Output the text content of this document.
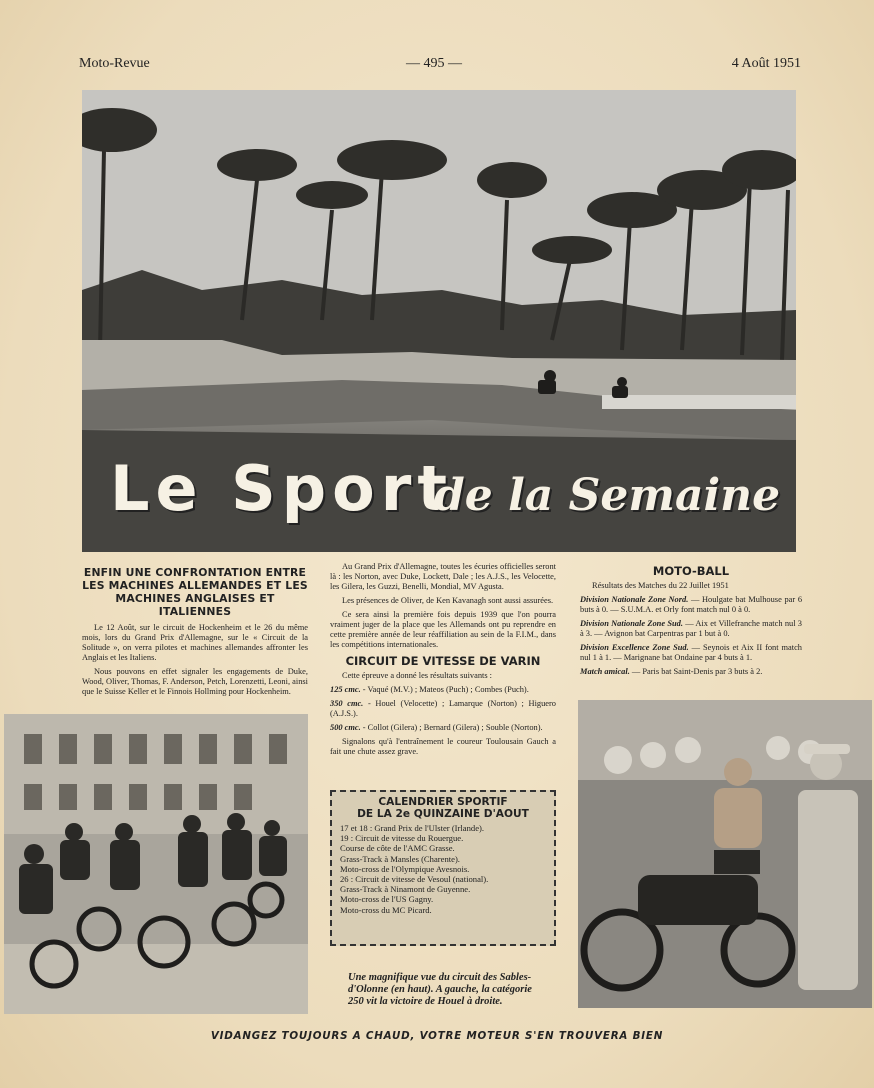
Moto-Revue	— 495 —	4 Août 1951
Le Sport
de la Semaine
ENFIN UNE CONFRONTATION ENTRE LES MACHINES ALLEMANDES ET LES MACHINES ANGLAISES ET ITALIENNES

Le 12 Août, sur le circuit de Hockenheim et le 26 du même mois, lors du Grand Prix d'Allemagne, sur le « Circuit de la Solitude », on verra pilotes et machines allemandes affronter les Anglais et les Italiens.

Nous pouvons en effet signaler les engagements de Duke, Wood, Oliver, Thomas, F. Anderson, Petch, Lorenzetti, Leoni, ainsi que le Suisse Keller et le Finnois Hollming pour Hockenheim.

Au Grand Prix d'Allemagne, toutes les écuries officielles seront là : les Norton, avec Duke, Lockett, Dale ; les A.J.S., les Velocette, les Gilera, les Guzzi, Benelli, Mondial, MV Agusta.

Les présences de Oliver, de Ken Kavanagh sont aussi assurées.

Ce sera ainsi la première fois depuis 1939 que l'on pourra vraiment juger de la place que les Allemands ont pu reprendre en cette première année de leur réaffiliation au sein de la F.I.M., dans les compétitions internationales.

CIRCUIT DE VITESSE DE VARIN

Cette épreuve a donné les résultats suivants :

125 cmc. - Vaqué (M.V.) ; Mateos (Puch) ; Combes (Puch).

350 cmc. - Houel (Velocette) ; Lamarque (Norton) ; Higuero (A.J.S.).

500 cmc. - Collot (Gilera) ; Bernard (Gilera) ; Souble (Norton).

Signalons qu'à l'entraînement le coureur Toulousain Gauch a fait une chute assez grave.

MOTO-BALL

Résultats des Matches du 22 Juillet 1951

Division Nationale Zone Nord. — Houlgate bat Mulhouse par 6 buts à 0. — S.U.M.A. et Orly font match nul 0 à 0.

Division Nationale Zone Sud. — Aix et Villefranche match nul 3 à 3. — Avignon bat Carpentras par 1 but à 0.

Division Excellence Zone Sud. — Seynois et Aix II font match nul 1 à 1. — Marignane bat Ondaine par 4 buts à 1.

Match amical. — Paris bat Saint-Denis par 3 buts à 2.

CALENDRIER SPORTIF
DE LA 2e QUINZAINE D'AOUT
17 et 18 : Grand Prix de l'Ulster (Irlande).
19 : Circuit de vitesse du Rouergue.
Course de côte de l'AMC Grasse.
Grass-Track à Mansles (Charente).
Moto-cross de l'Olympique Avesnois.
26 : Circuit de vitesse de Vesoul (national).
Grass-Track à Ninamont de Guyenne.
Moto-cross de l'US Gagny.
Moto-cross du MC Picard.
Une magnifique vue du circuit des Sables-d'Olonne (en haut). A gauche, la catégorie 250 vit la victoire de Houel à droite.
VIDANGEZ TOUJOURS A CHAUD, VOTRE MOTEUR S'EN TROUVERA BIEN
